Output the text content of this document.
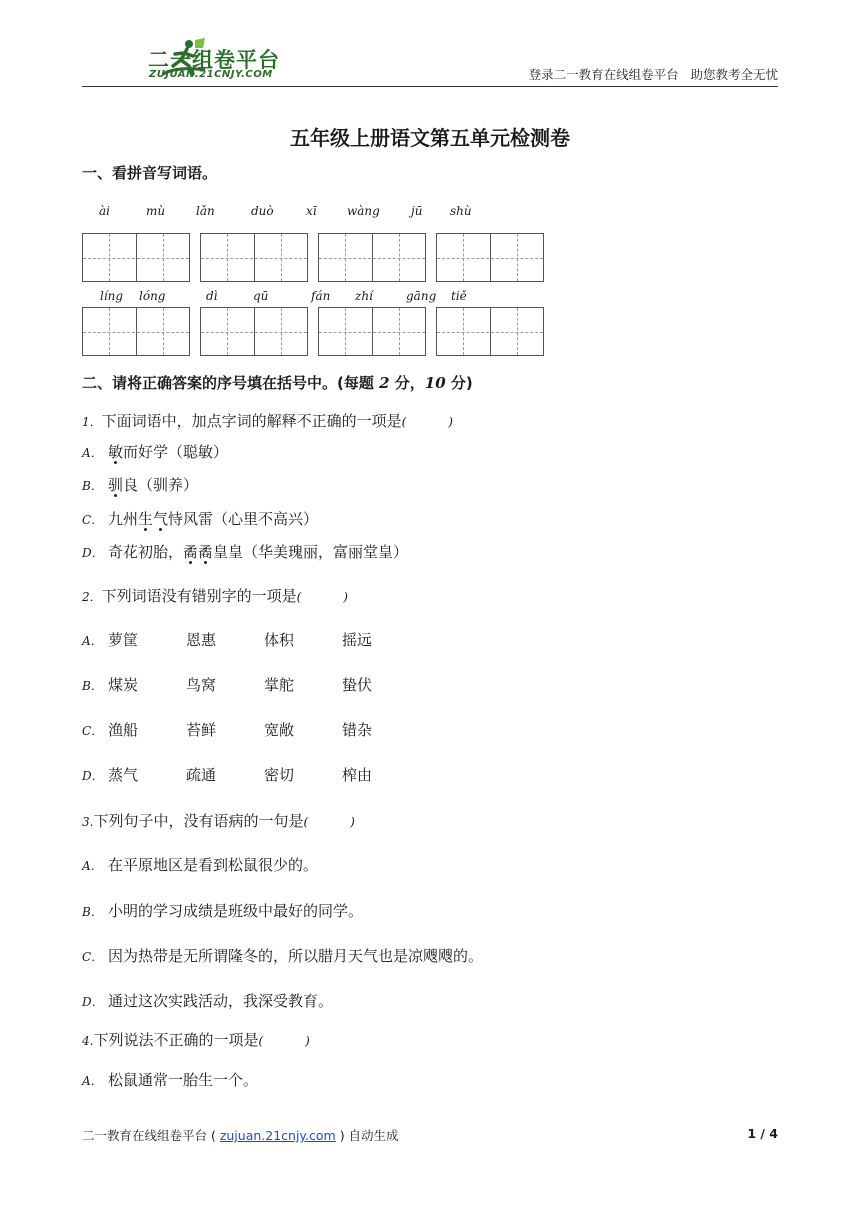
二一组卷平台
ZUJUAN.21CNJY.COM	登录二一教育在线组卷平台   助您教考全无忧
五年级上册语文第五单元检测卷
一、看拼音写词语。
ài	mù	lǎn	duò	xī	wàng	jū shù
líng lóng	dì	qū	fán zhí	gāng tiě
二、请将正确答案的序号填在括号中。(每题 2 分，10 分)
1．下面词语中，加点字词的解释不正确的一项是(           )
A． 敏而好学（聪敏）
B． 驯良（驯养）
C． 九州生气恃风雷（心里不高兴）
D． 奇花初胎，矞矞皇皇（华美瑰丽，富丽堂皇）
2．下列词语没有错别字的一项是(           )
A． 萝筐	恩惠	体积	摇远
B． 煤炭	鸟窝	掌舵	蛰伏
C． 渔船	苔鲜	宽敞	错杂
D． 蒸气	疏通	密切	榨由
3.下列句子中，没有语病的一句是(           )
A． 在平原地区是看到松鼠很少的。
B． 小明的学习成绩是班级中最好的同学。
C． 因为热带是无所谓隆冬的，所以腊月天气也是凉飕飕的。
D． 通过这次实践活动，我深受教育。
4.下列说法不正确的一项是(           )
A． 松鼠通常一胎生一个。
二一教育在线组卷平台 ( zujuan.21cnjy.com ) 自动生成	1 / 4
